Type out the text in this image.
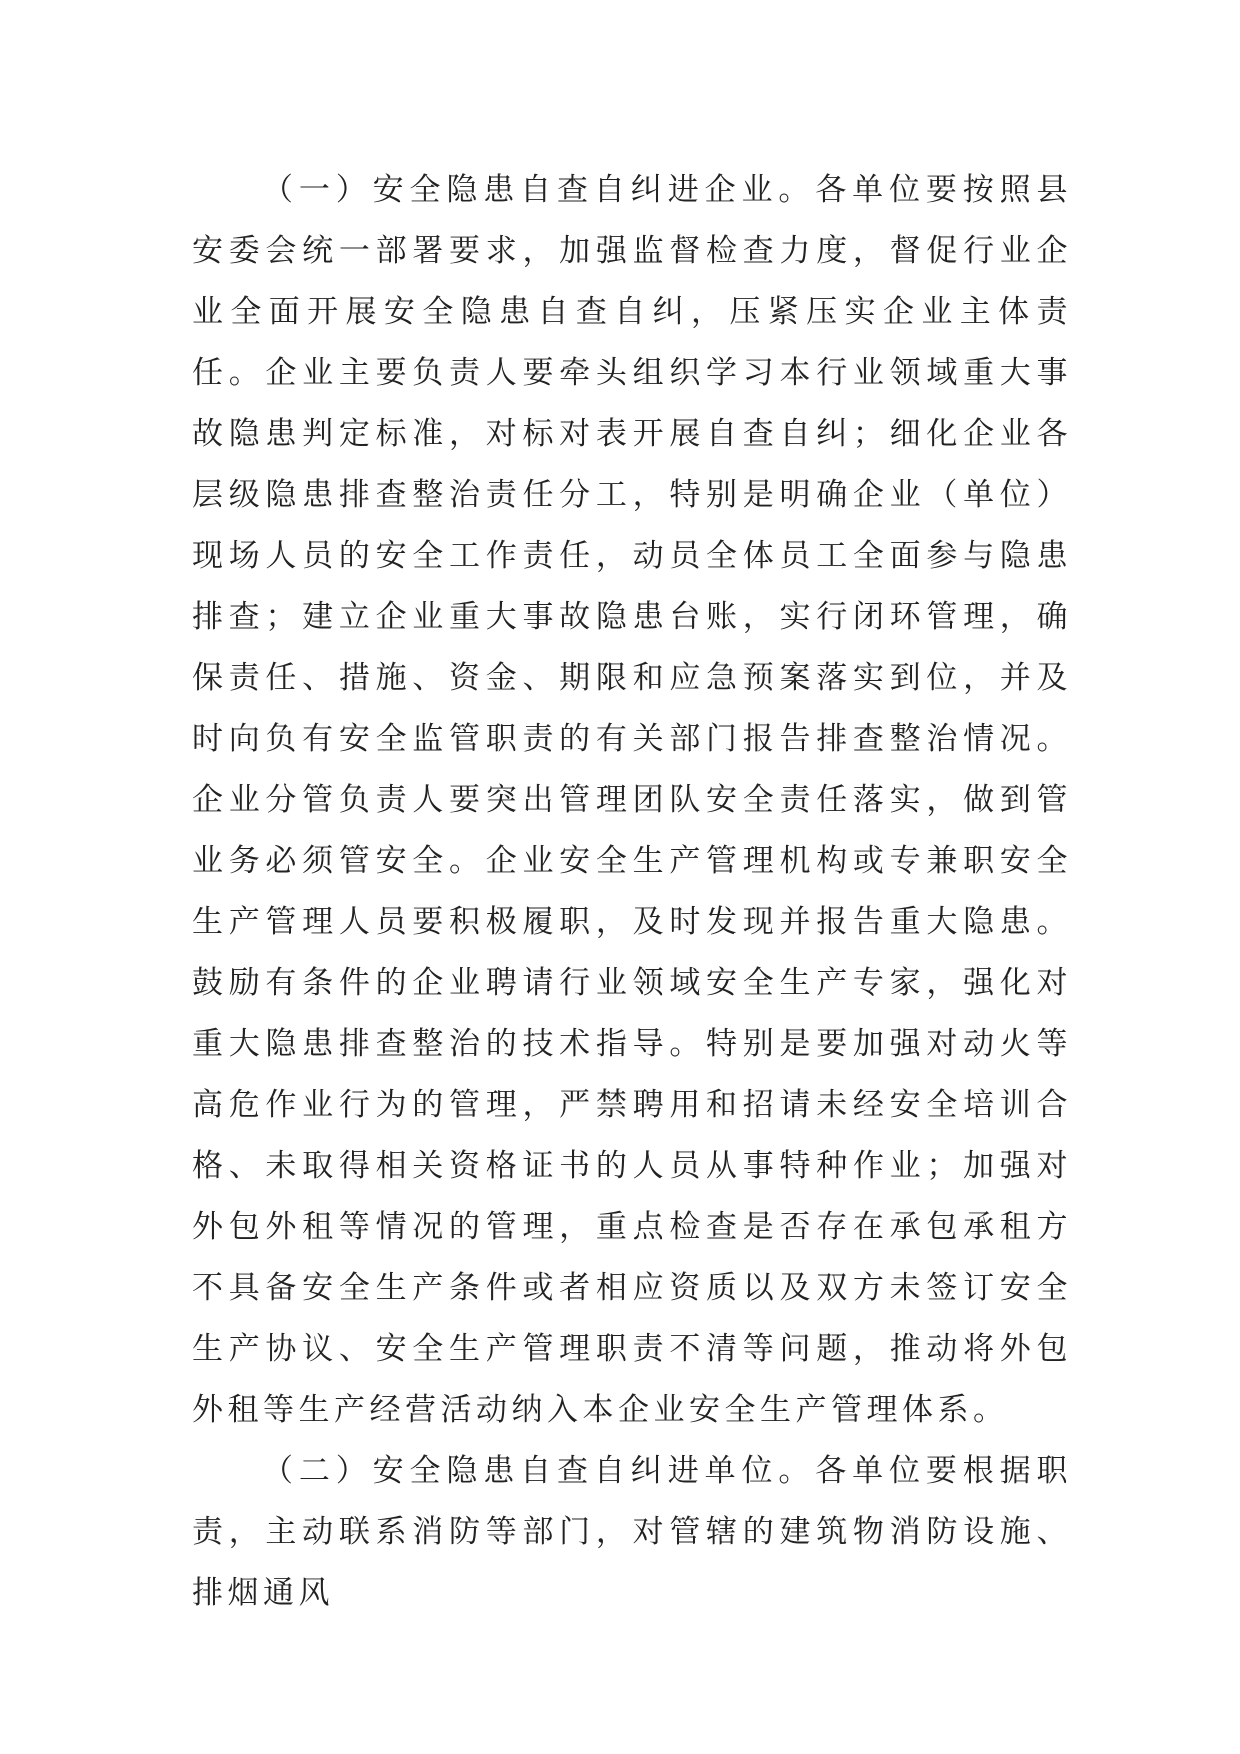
（一）安全隐患自查自纠进企业。各单位要按照县安委会统一部署要求，加强监督检查力度，督促行业企业全面开展安全隐患自查自纠，压紧压实企业主体责任。企业主要负责人要牵头组织学习本行业领域重大事故隐患判定标准，对标对表开展自查自纠；细化企业各层级隐患排查整治责任分工，特别是明确企业（单位）现场人员的安全工作责任，动员全体员工全面参与隐患排查；建立企业重大事故隐患台账，实行闭环管理，确保责任、措施、资金、期限和应急预案落实到位，并及时向负有安全监管职责的有关部门报告排查整治情况。企业分管负责人要突出管理团队安全责任落实，做到管业务必须管安全。企业安全生产管理机构或专兼职安全生产管理人员要积极履职，及时发现并报告重大隐患。鼓励有条件的企业聘请行业领域安全生产专家，强化对重大隐患排查整治的技术指导。特别是要加强对动火等高危作业行为的管理，严禁聘用和招请未经安全培训合格、未取得相关资格证书的人员从事特种作业；加强对外包外租等情况的管理，重点检查是否存在承包承租方不具备安全生产条件或者相应资质以及双方未签订安全生产协议、安全生产管理职责不清等问题，推动将外包外租等生产经营活动纳入本企业安全生产管理体系。

（二）安全隐患自查自纠进单位。各单位要根据职责，主动联系消防等部门，对管辖的建筑物消防设施、排烟通风
